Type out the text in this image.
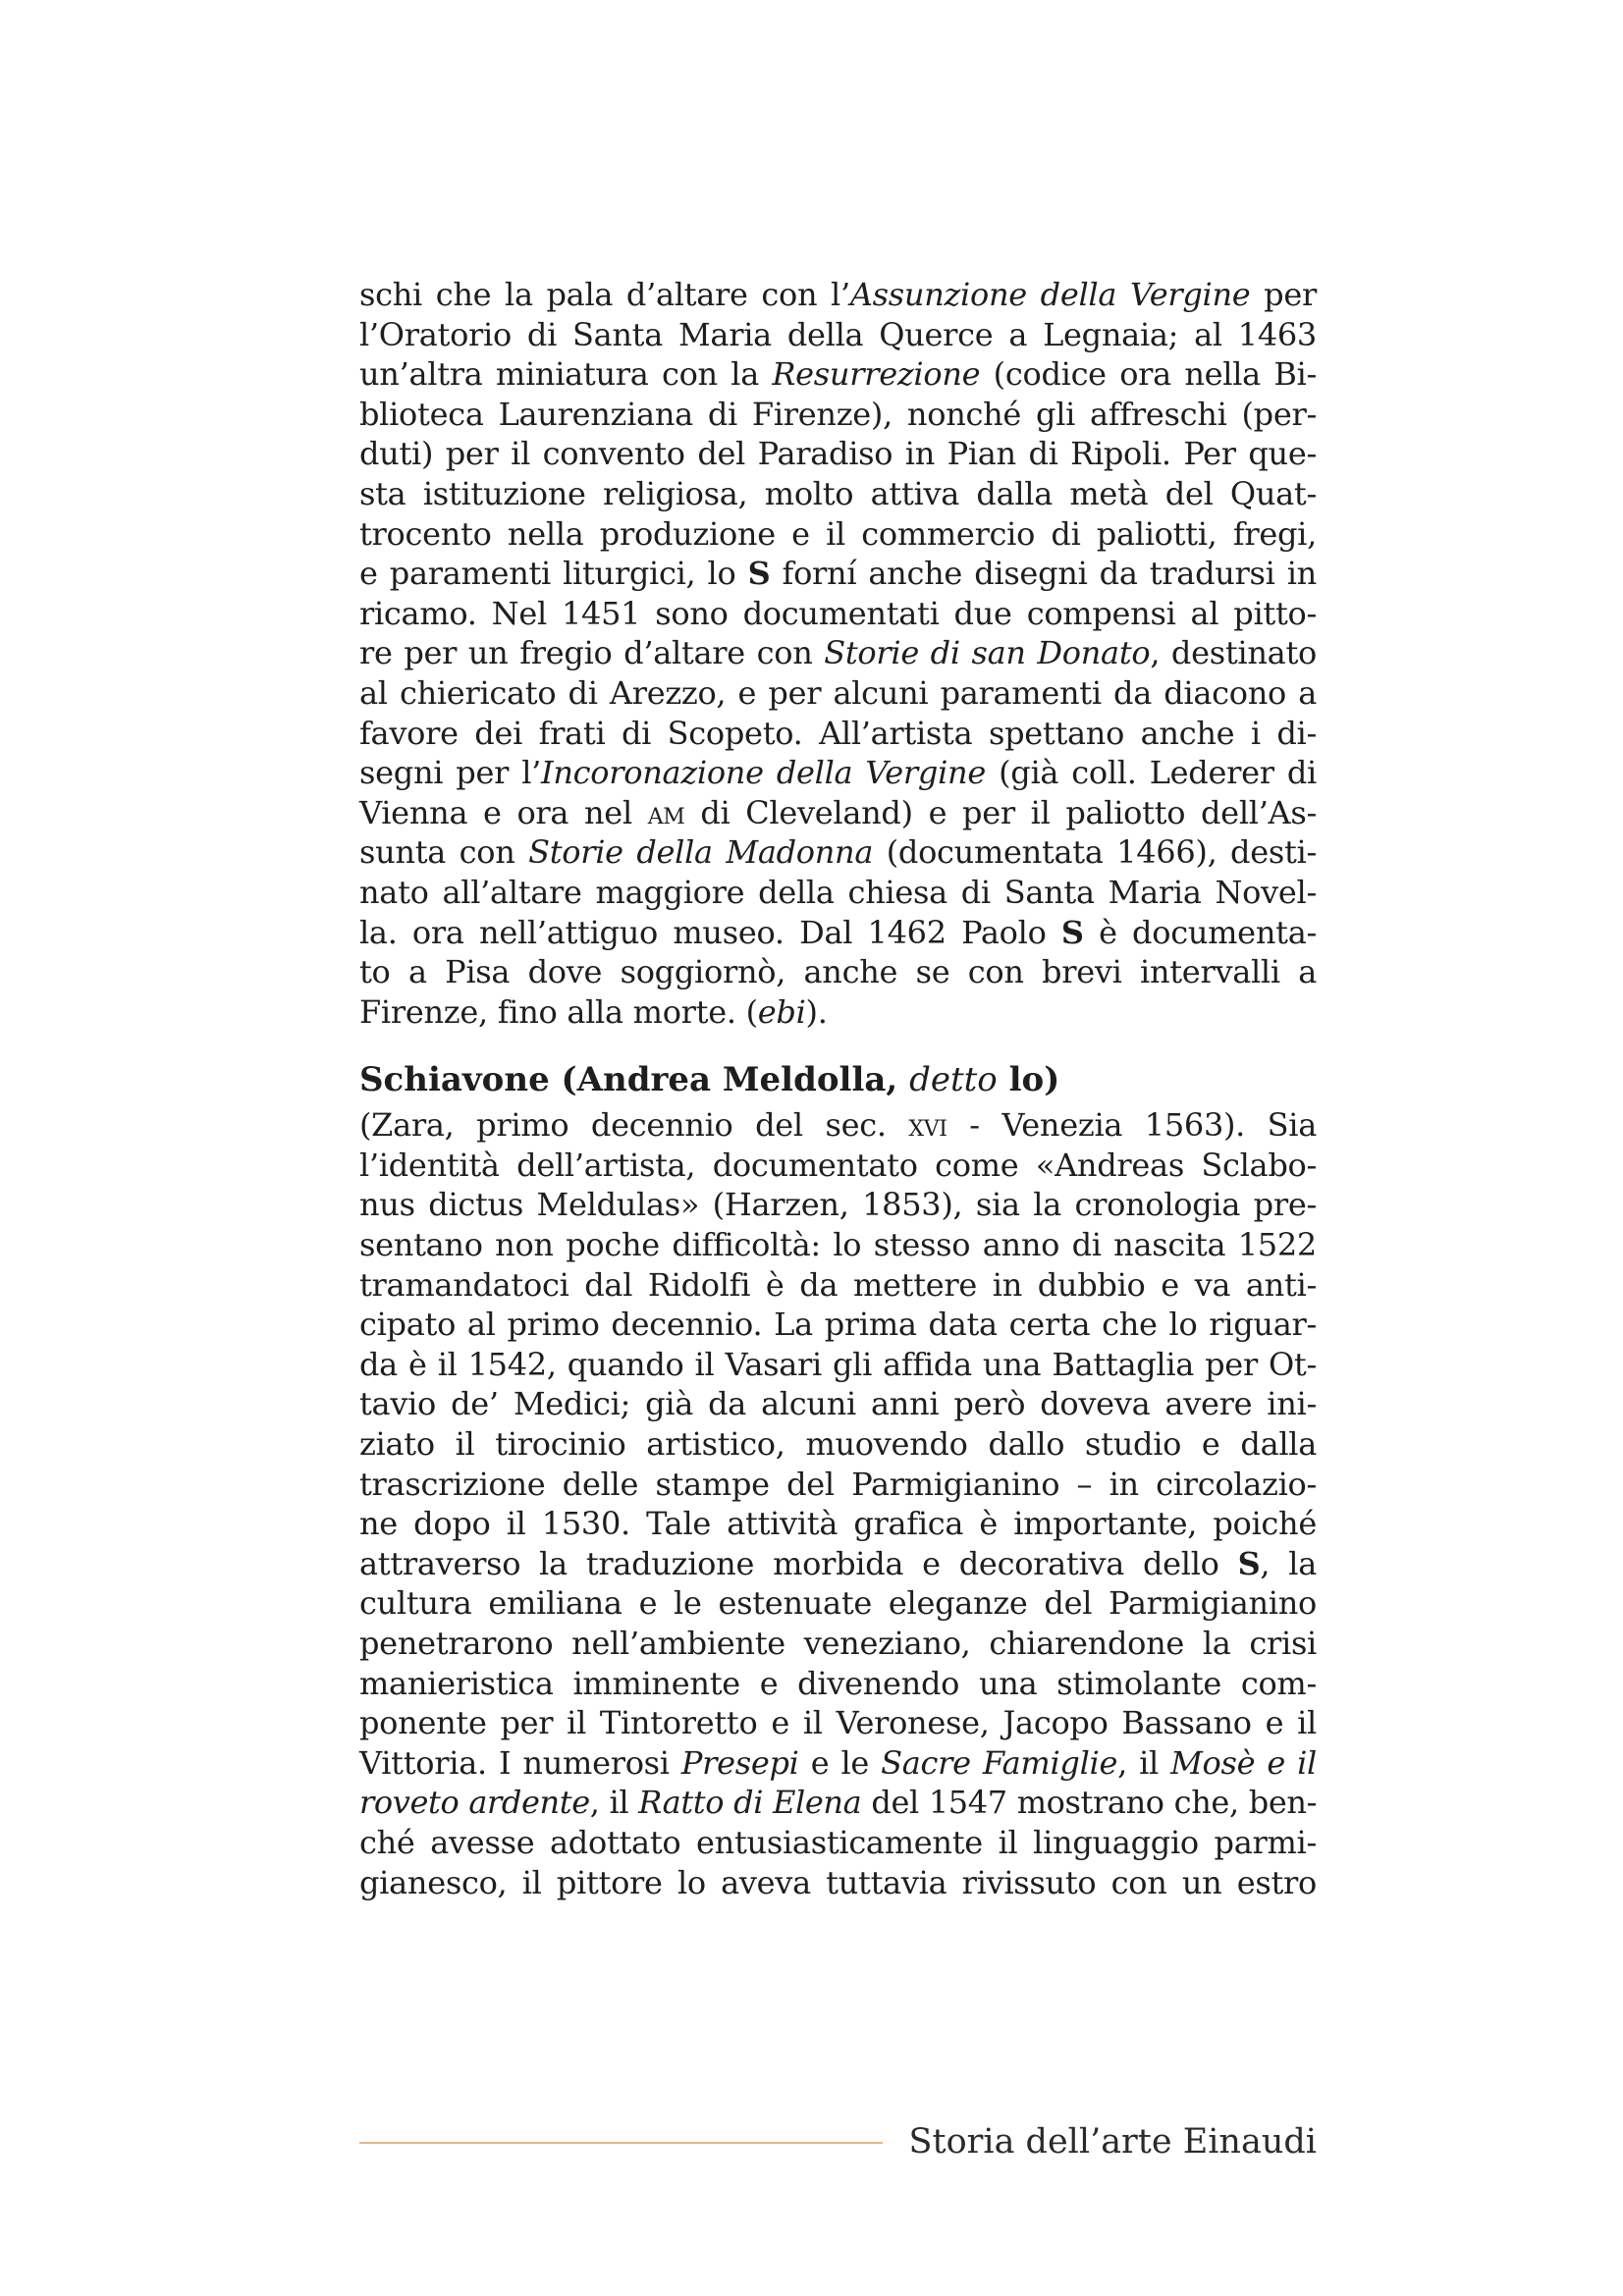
schi che la pala d’altare con l’Assunzione della Vergine per
l’Oratorio di Santa Maria della Querce a Legnaia; al 1463
un’altra miniatura con la Resurrezione (codice ora nella Bi-
blioteca Laurenziana di Firenze), nonché gli affreschi (per-
duti) per il convento del Paradiso in Pian di Ripoli. Per que-
sta istituzione religiosa, molto attiva dalla metà del Quat-
trocento nella produzione e il commercio di paliotti, fregi,
e paramenti liturgici, lo S forní anche disegni da tradursi in
ricamo. Nel 1451 sono documentati due compensi al pitto-
re per un fregio d’altare con Storie di san Donato, destinato
al chiericato di Arezzo, e per alcuni paramenti da diacono a
favore dei frati di Scopeto. All’artista spettano anche i di-
segni per l’Incoronazione della Vergine (già coll. Lederer di
Vienna e ora nel am di Cleveland) e per il paliotto dell’As-
sunta con Storie della Madonna (documentata 1466), desti-
nato all’altare maggiore della chiesa di Santa Maria Novel-
la. ora nell’attiguo museo. Dal 1462 Paolo S è documenta-
to a Pisa dove soggiornò, anche se con brevi intervalli a
Firenze, fino alla morte. (ebi).
Schiavone (Andrea Meldolla, detto lo)
(Zara, primo decennio del sec. xvi - Venezia 1563). Sia
l’identità dell’artista, documentato come «Andreas Sclabo-
nus dictus Meldulas» (Harzen, 1853), sia la cronologia pre-
sentano non poche difficoltà: lo stesso anno di nascita 1522
tramandatoci dal Ridolfi è da mettere in dubbio e va anti-
cipato al primo decennio. La prima data certa che lo riguar-
da è il 1542, quando il Vasari gli affida una Battaglia per Ot-
tavio de’ Medici; già da alcuni anni però doveva avere ini-
ziato il tirocinio artistico, muovendo dallo studio e dalla
trascrizione delle stampe del Parmigianino – in circolazio-
ne dopo il 1530. Tale attività grafica è importante, poiché
attraverso la traduzione morbida e decorativa dello S, la
cultura emiliana e le estenuate eleganze del Parmigianino
penetrarono nell’ambiente veneziano, chiarendone la crisi
manieristica imminente e divenendo una stimolante com-
ponente per il Tintoretto e il Veronese, Jacopo Bassano e il
Vittoria. I numerosi Presepi e le Sacre Famiglie, il Mosè e il
roveto ardente, il Ratto di Elena del 1547 mostrano che, ben-
ché avesse adottato entusiasticamente il linguaggio parmi-
gianesco, il pittore lo aveva tuttavia rivissuto con un estro
Storia dell’arte Einaudi
